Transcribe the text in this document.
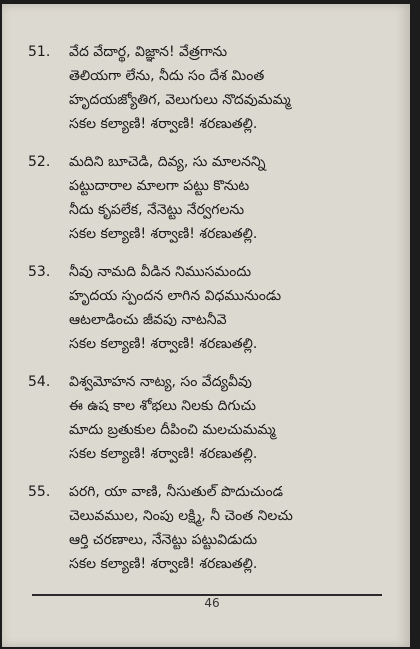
51. వేద వేదార్థ, విజ్ఞాన! వేత్రగాను
తెలియగా లేను, నీదు సం దేశ మింత
హృదయజ్యోతిగ, వెలుగులు నొదవుమమ్మ
సకల కల్యాణి! శర్వాణి! శరణుతల్లి.
52. మదిని బూచెడి, దివ్య, సు మాలనన్ని
పట్టుదారాల మాలగా పట్టు కొనుట
నీదు కృపలేక, నేనెట్టు నేర్వగలను
సకల కల్యాణి! శర్వాణి! శరణుతల్లి.
53. నీవు నామది వీడిన నిముసమందు
హృదయ స్పందన లాగిన విధమునుండు
ఆటలాడించు జీవపు నాటనీవె
సకల కల్యాణి! శర్వాణి! శరణుతల్లి.
54. విశ్వమోహన నాట్య, సం వేద్యవీవు
ఈ ఉష కాల శోభలు నిలకు దిగుచు
మాదు బ్రతుకుల దీపించి మలచుమమ్మ
సకల కల్యాణి! శర్వాణి! శరణుతల్లి.
55. పరగి, యా వాణి, నీసుతుల్ పొదుచుండ
చెలువముల, నింపు లక్ష్మి, నీ చెంత నిలచు
ఆర్తి చరణాలు, నేనెట్టు పట్టువిడుదు
సకల కల్యాణి! శర్వాణి! శరణుతల్లి.
46
